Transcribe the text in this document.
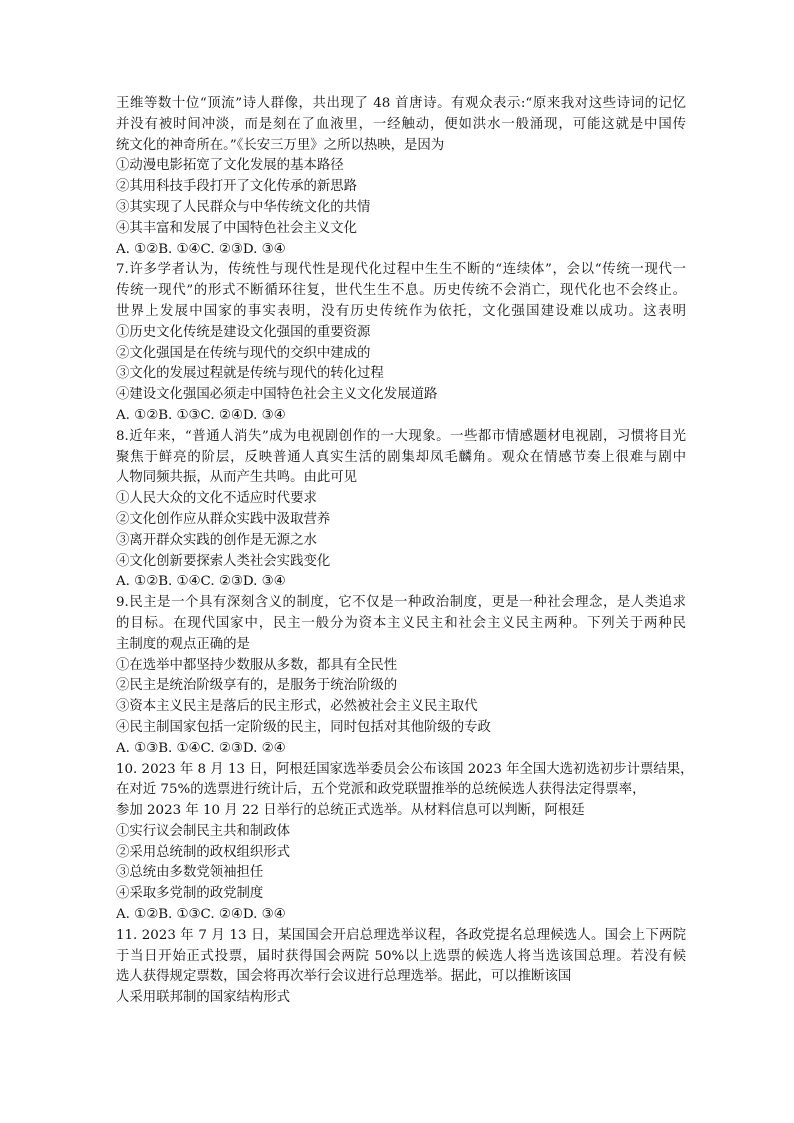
王维等数十位“顶流”诗人群像，共出现了 48 首唐诗。有观众表示:“原来我对这些诗词的记忆
并没有被时间冲淡，而是刻在了血液里，一经触动，便如洪水一般涌现，可能这就是中国传
统文化的神奇所在。”《长安三万里》之所以热映，是因为
①动漫电影拓宽了文化发展的基本路径
②其用科技手段打开了文化传承的新思路
③其实现了人民群众与中华传统文化的共情
④其丰富和发展了中国特色社会主义文化
A. ①②B. ①④C. ②③D. ③④
7.许多学者认为，传统性与现代性是现代化过程中生生不断的“连续体”，会以“传统一现代一
传统一现代”的形式不断循环往复，世代生生不息。历史传统不会消亡，现代化也不会终止。
世界上发展中国家的事实表明，没有历史传统作为依托，文化强国建设难以成功。这表明
①历史文化传统是建设文化强国的重要资源
②文化强国是在传统与现代的交织中建成的
③文化的发展过程就是传统与现代的转化过程
④建设文化强国必须走中国特色社会主义文化发展道路
A. ①②B. ①③C. ②④D. ③④
8.近年来，“普通人消失”成为电视剧创作的一大现象。一些都市情感题材电视剧，习惯将目光
聚焦于鲜亮的阶层，反映普通人真实生活的剧集却凤毛麟角。观众在情感节奏上很难与剧中
人物同频共振，从而产生共鸣。由此可见
①人民大众的文化不适应时代要求
②文化创作应从群众实践中汲取营养
③离开群众实践的创作是无源之水
④文化创新要探索人类社会实践变化
A. ①②B. ①④C. ②③D. ③④
9.民主是一个具有深刻含义的制度，它不仅是一种政治制度，更是一种社会理念，是人类追求
的目标。在现代国家中，民主一般分为资本主义民主和社会主义民主两种。下列关于两种民
主制度的观点正确的是
①在选举中都坚持少数服从多数，都具有全民性
②民主是统治阶级享有的，是服务于统治阶级的
③资本主义民主是落后的民主形式，必然被社会主义民主取代
④民主制国家包括一定阶级的民主，同时包括对其他阶级的专政
A. ①③B. ①④C. ②③D. ②④
10. 2023 年 8 月 13 日，阿根廷国家选举委员会公布该国 2023 年全国大选初选初步计票结果，
在对近 75%的选票进行统计后，五个党派和政党联盟推举的总统候选人获得法定得票率，
参加 2023 年 10 月 22 日举行的总统正式选举。从材料信息可以判断，阿根廷
①实行议会制民主共和制政体
②采用总统制的政权组织形式
③总统由多数党领袖担任
④采取多党制的政党制度
A. ①②B. ①③C. ②④D. ③④
11. 2023 年 7 月 13 日，某国国会开启总理选举议程，各政党提名总理候选人。国会上下两院
于当日开始正式投票，届时获得国会两院 50%以上选票的候选人将当选该国总理。若没有候
选人获得规定票数，国会将再次举行会议进行总理选举。据此，可以推断该国
人采用联邦制的国家结构形式
